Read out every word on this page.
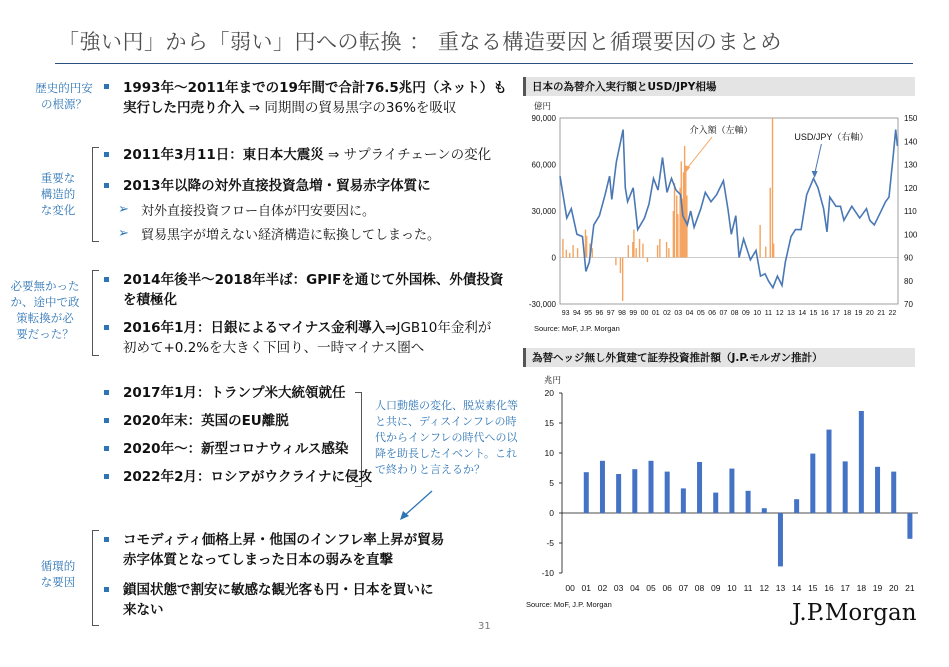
「強い円」から「弱い」円への転換 ： 重なる構造要因と循環要因のまとめ
歴史的円安
の根源？
重要な
構造的
な変化
必要無かった
か、途中で政
策転換が必
要だった？
循環的
な要因
1993年～2011年までの19年間で合計76.5兆円（ネット）も
実行した円売り介入 ⇒ 同期間の貿易黒字の36%を吸収
2011年3月11日：東日本大震災 ⇒ サプライチェーンの変化
2013年以降の対外直接投資急増・貿易赤字体質に
➢ 対外直接投資フロー自体が円安要因に。
➢ 貿易黒字が増えない経済構造に転換してしまった。
2014年後半～2018年半ば：GPIFを通じて外国株、外債投資
を積極化
2016年1月：日銀によるマイナス金利導入⇒JGB10年金利が
初めて+0.2%を大きく下回り、一時マイナス圏へ
2017年1月：トランプ米大統領就任
2020年末：英国のEU離脱
2020年～：新型コロナウィルス感染
2022年2月：ロシアがウクライナに侵攻
人口動態の変化、脱炭素化等と共に、ディスインフレの時代からインフレの時代への以降を助長したイベント。これで終わりと言えるか？
コモディティ価格上昇・他国のインフレ率上昇が貿易
赤字体質となってしまった日本の弱みを直撃
鎖国状態で割安に敏感な観光客も円・日本を買いに
来ない
31
日本の為替介入実行額とUSD/JPY相場
億円
90,000
60,000
30,000
0
-30,000
150
140
130
120
110
100
90
80
70
93 94 95 96 97 98 99 00 01 02 03 04 05 06 07 08 09 10 11 12 13 14 15 16 17 18 19 20 21 22
介入額（左軸）
USD/JPY（右軸）
Source: MoF, J.P. Morgan
為替ヘッジ無し外貨建て証券投資推計額（J.P.モルガン推計）
兆円
20
15
10
5
0
-5
-10
00 01 02 03 04 05 06 07 08 09 10 11 12 13 14 15 16 17 18 19 20 21
Source: MoF, J.P. Morgan	J.P.Morgan
